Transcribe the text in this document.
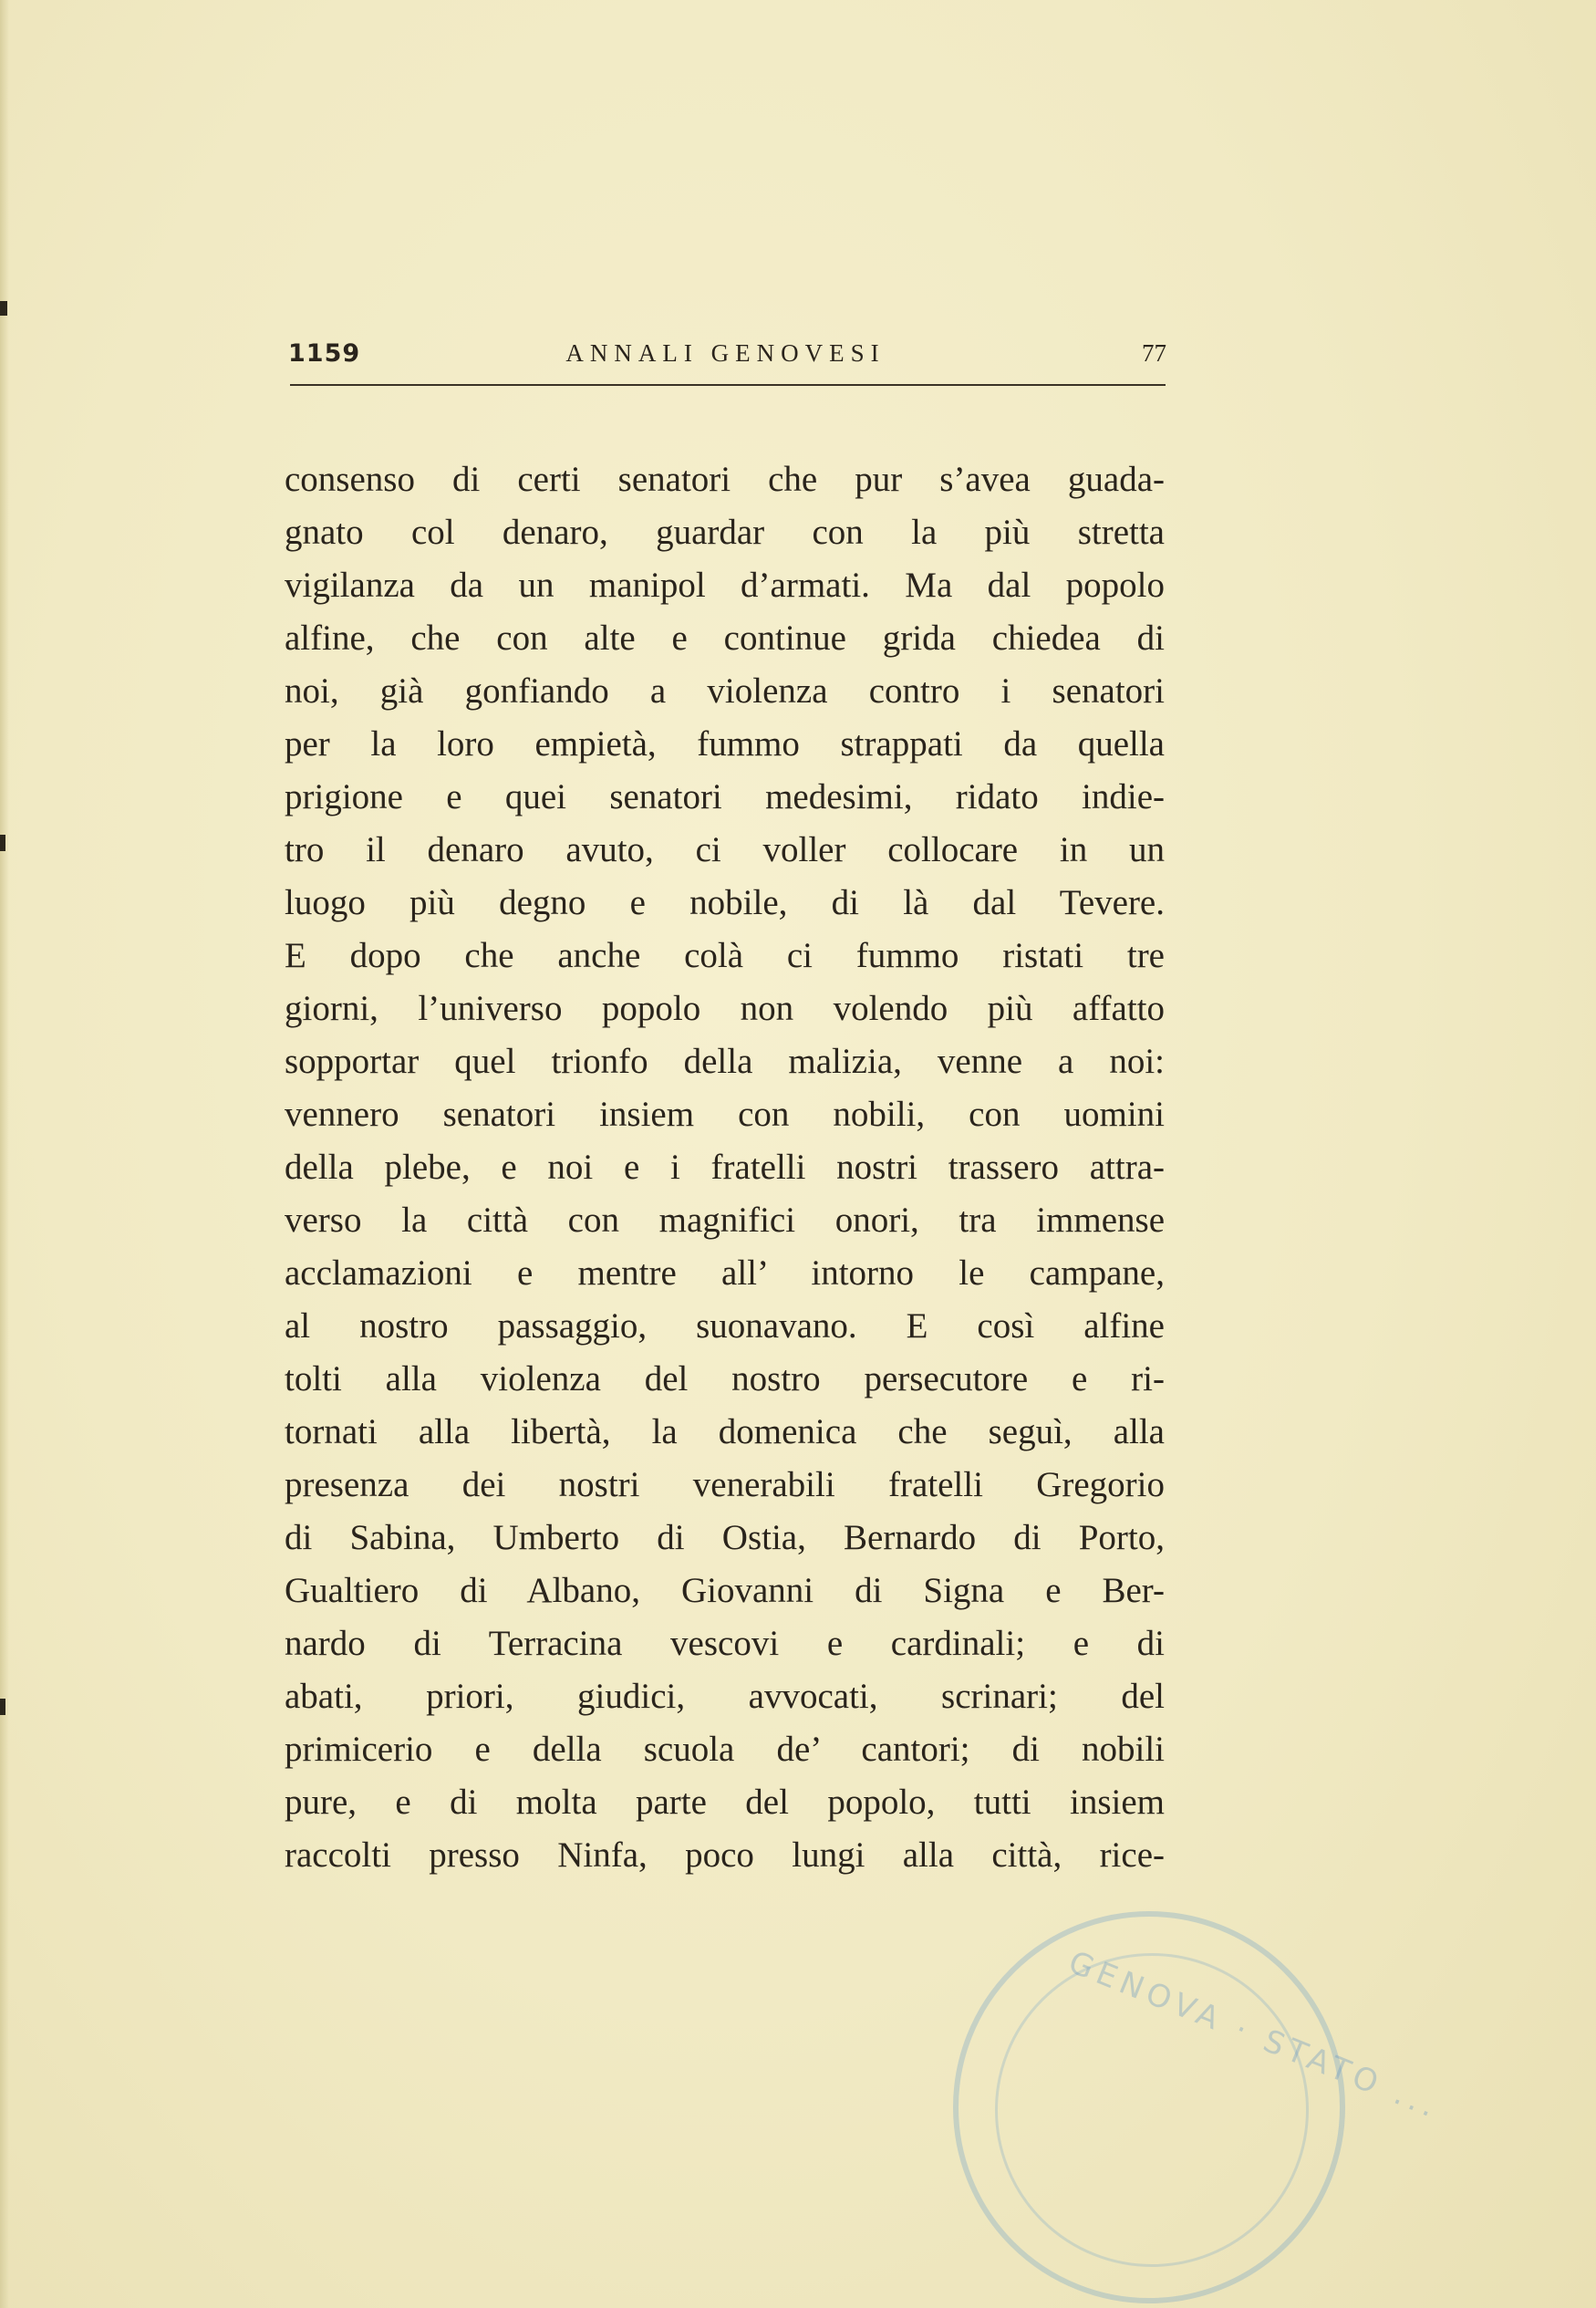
1159	ANNALI GENOVESI	77
consenso di certi senatori che pur s’avea guada-
gnato col denaro, guardar con la più stretta
vigilanza da un manipol d’armati. Ma dal popolo
alfine, che con alte e continue grida chiedea di
noi, già gonfiando a violenza contro i senatori
per la loro empietà, fummo strappati da quella
prigione e quei senatori medesimi, ridato indie-
tro il denaro avuto, ci voller collocare in un
luogo più degno e nobile, di là dal Tevere.
E dopo che anche colà ci fummo ristati tre
giorni, l’universo popolo non volendo più affatto
sopportar quel trionfo della malizia, venne a noi:
vennero senatori insiem con nobili, con uomini
della plebe, e noi e i fratelli nostri trassero attra-
verso la città con magnifici onori, tra immense
acclamazioni e mentre all’ intorno le campane,
al nostro passaggio, suonavano. E così alfine
tolti alla violenza del nostro persecutore e ri-
tornati alla libertà, la domenica che seguì, alla
presenza dei nostri venerabili fratelli Gregorio
di Sabina, Umberto di Ostia, Bernardo di Porto,
Gualtiero di Albano, Giovanni di Signa e Ber-
nardo di Terracina vescovi e cardinali; e di
abati, priori, giudici, avvocati, scrinari; del
primicerio e della scuola de’ cantori; di nobili
pure, e di molta parte del popolo, tutti insiem
raccolti presso Ninfa, poco lungi alla città, rice-
GENOVA · STATO ...
